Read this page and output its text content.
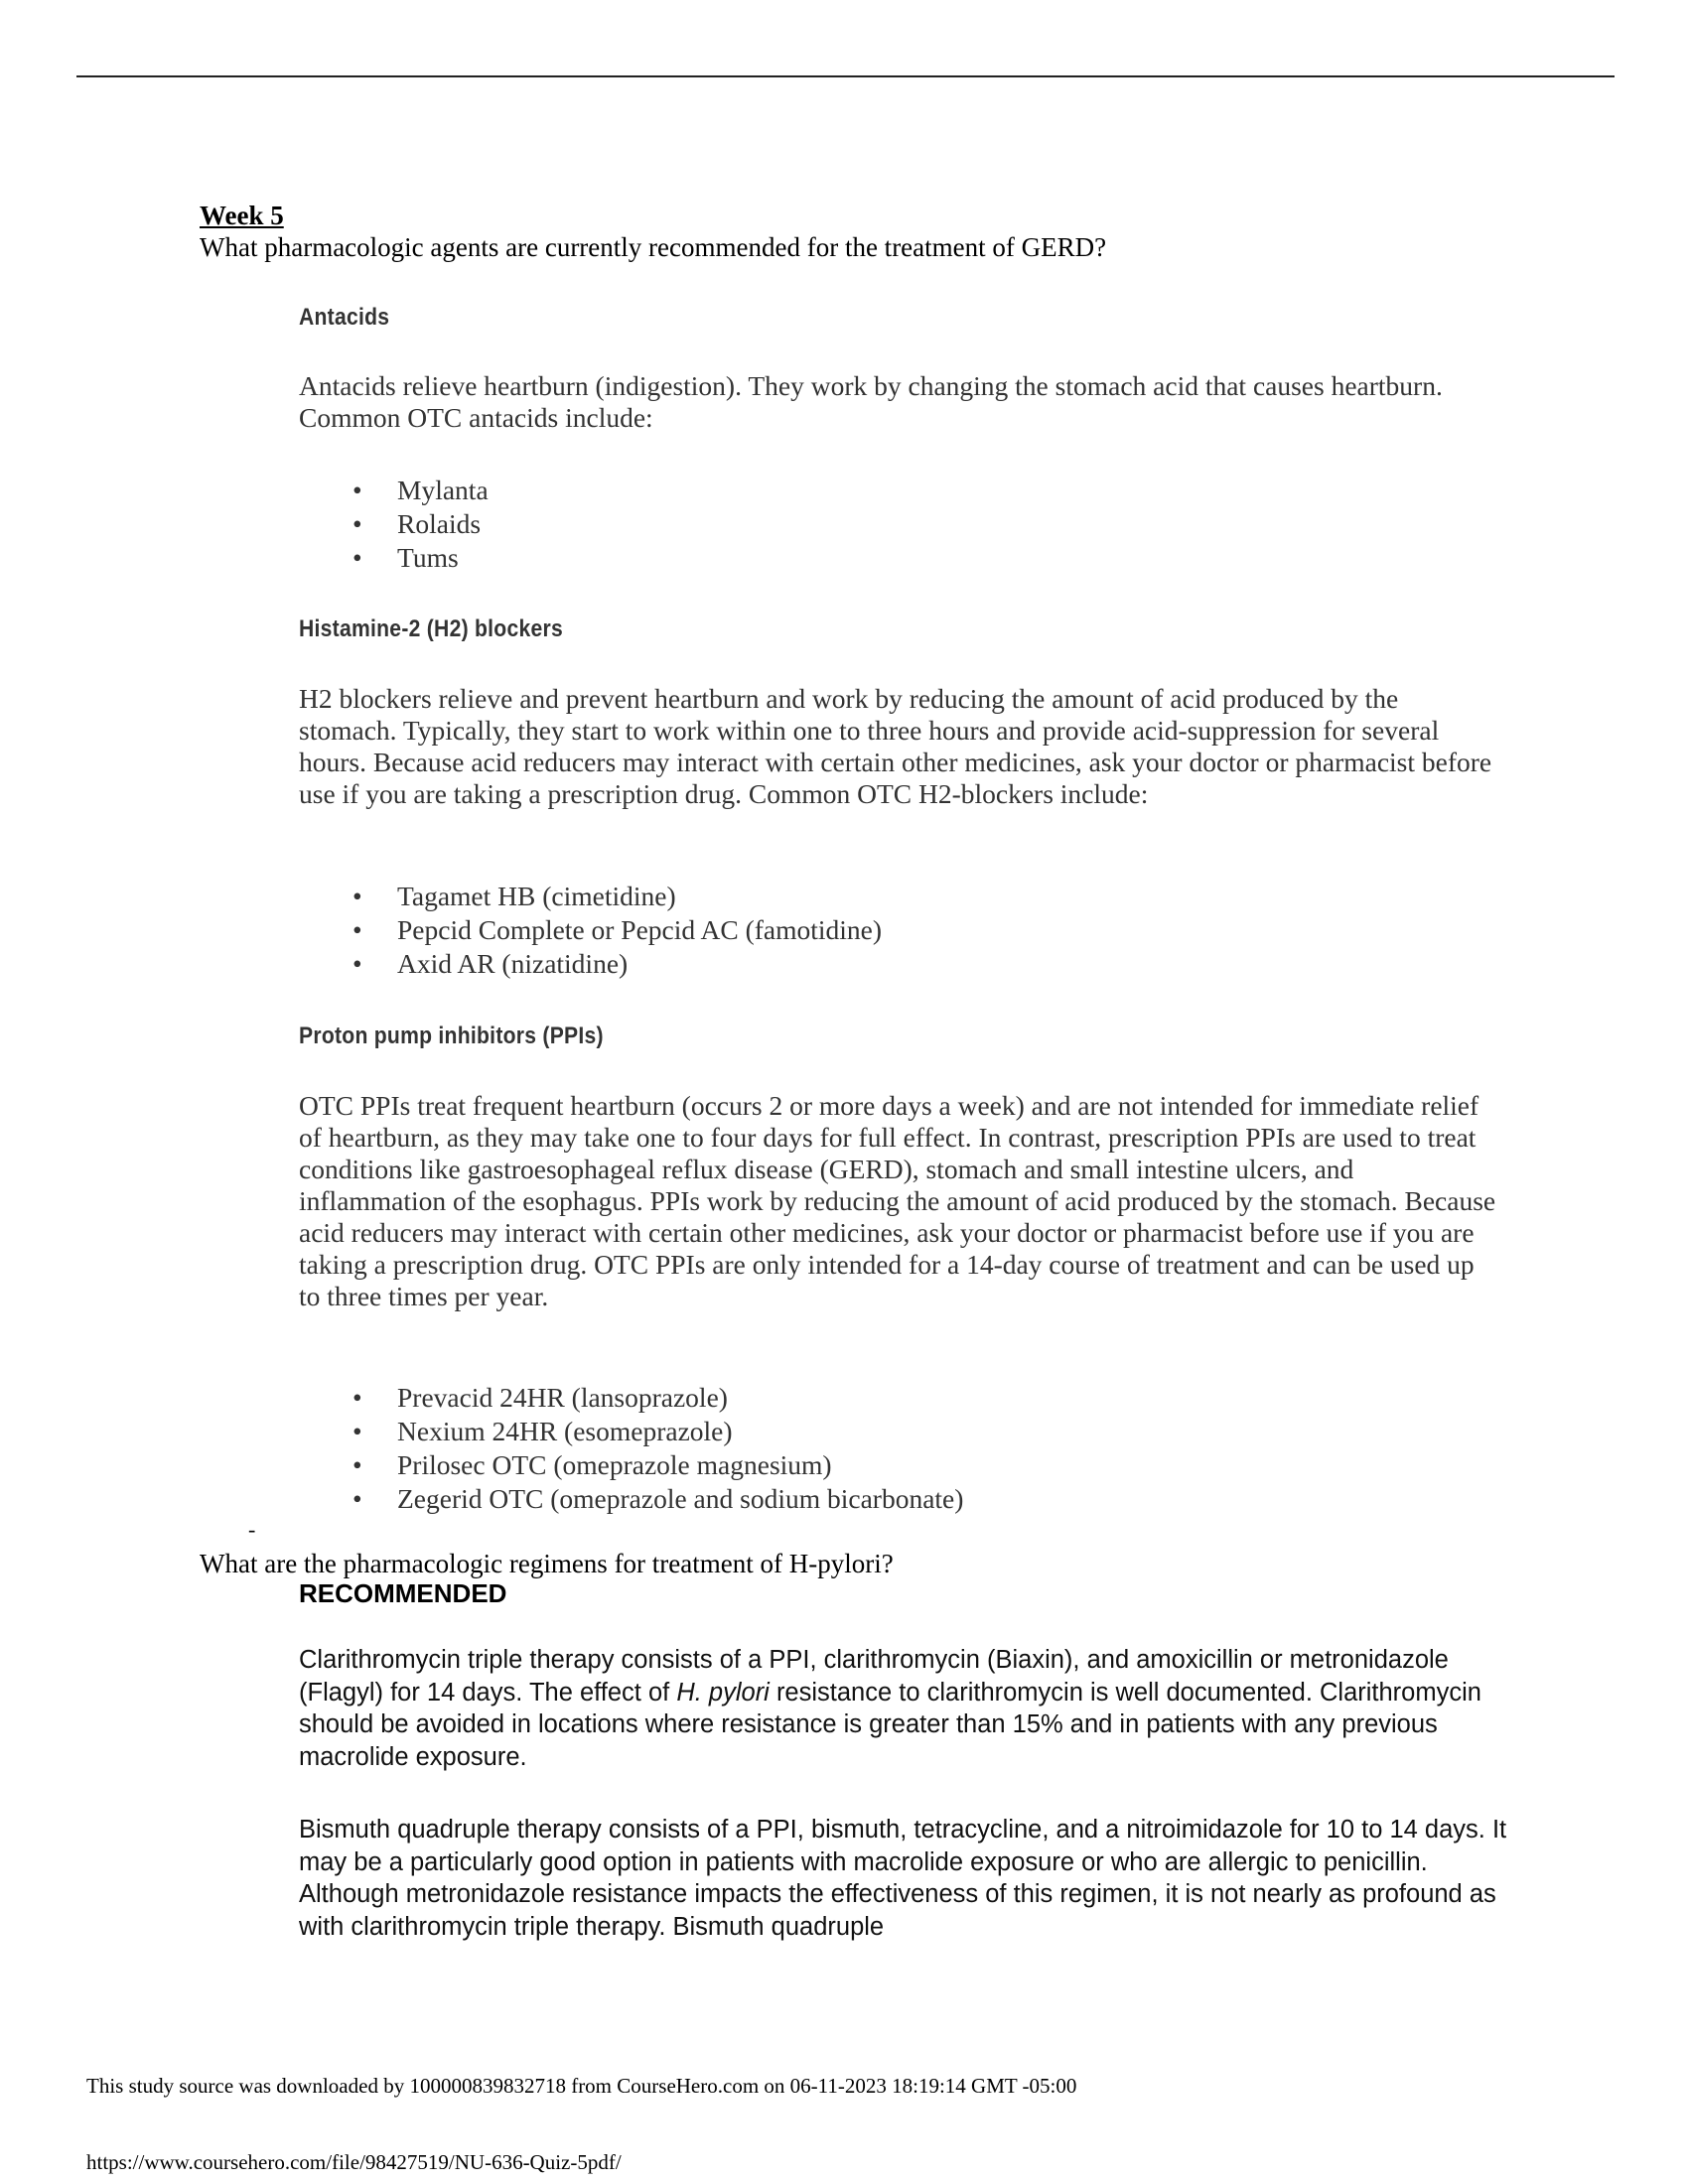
Week 5
What pharmacologic agents are currently recommended for the treatment of GERD?
Antacids
Antacids relieve heartburn (indigestion). They work by changing the stomach acid that causes heartburn. Common OTC antacids include:
• Mylanta
• Rolaids
• Tums
Histamine-2 (H2) blockers
H2 blockers relieve and prevent heartburn and work by reducing the amount of acid produced by the stomach. Typically, they start to work within one to three hours and provide acid-suppression for several hours. Because acid reducers may interact with certain other medicines, ask your doctor or pharmacist before use if you are taking a prescription drug. Common OTC H2-blockers include:
• Tagamet HB (cimetidine)
• Pepcid Complete or Pepcid AC (famotidine)
• Axid AR (nizatidine)
Proton pump inhibitors (PPIs)
OTC PPIs treat frequent heartburn (occurs 2 or more days a week) and are not intended for immediate relief of heartburn, as they may take one to four days for full effect. In contrast, prescription PPIs are used to treat conditions like gastroesophageal reflux disease (GERD), stomach and small intestine ulcers, and inflammation of the esophagus. PPIs work by reducing the amount of acid produced by the stomach. Because acid reducers may interact with certain other medicines, ask your doctor or pharmacist before use if you are taking a prescription drug. OTC PPIs are only intended for a 14-day course of treatment and can be used up to three times per year.
• Prevacid 24HR (lansoprazole)
• Nexium 24HR (esomeprazole)
• Prilosec OTC (omeprazole magnesium)
• Zegerid OTC (omeprazole and sodium bicarbonate)
-
What are the pharmacologic regimens for treatment of H-pylori?
RECOMMENDED
Clarithromycin triple therapy consists of a PPI, clarithromycin (Biaxin), and amoxicillin or metronidazole (Flagyl) for 14 days. The effect of H. pylori resistance to clarithromycin is well documented. Clarithromycin should be avoided in locations where resistance is greater than 15% and in patients with any previous macrolide exposure.
Bismuth quadruple therapy consists of a PPI, bismuth, tetracycline, and a nitroimidazole for 10 to 14 days. It may be a particularly good option in patients with macrolide exposure or who are allergic to penicillin. Although metronidazole resistance impacts the effectiveness of this regimen, it is not nearly as profound as with clarithromycin triple therapy. Bismuth quadruple
This study source was downloaded by 100000839832718 from CourseHero.com on 06-11-2023 18:19:14 GMT -05:00
https://www.coursehero.com/file/98427519/NU-636-Quiz-5pdf/
